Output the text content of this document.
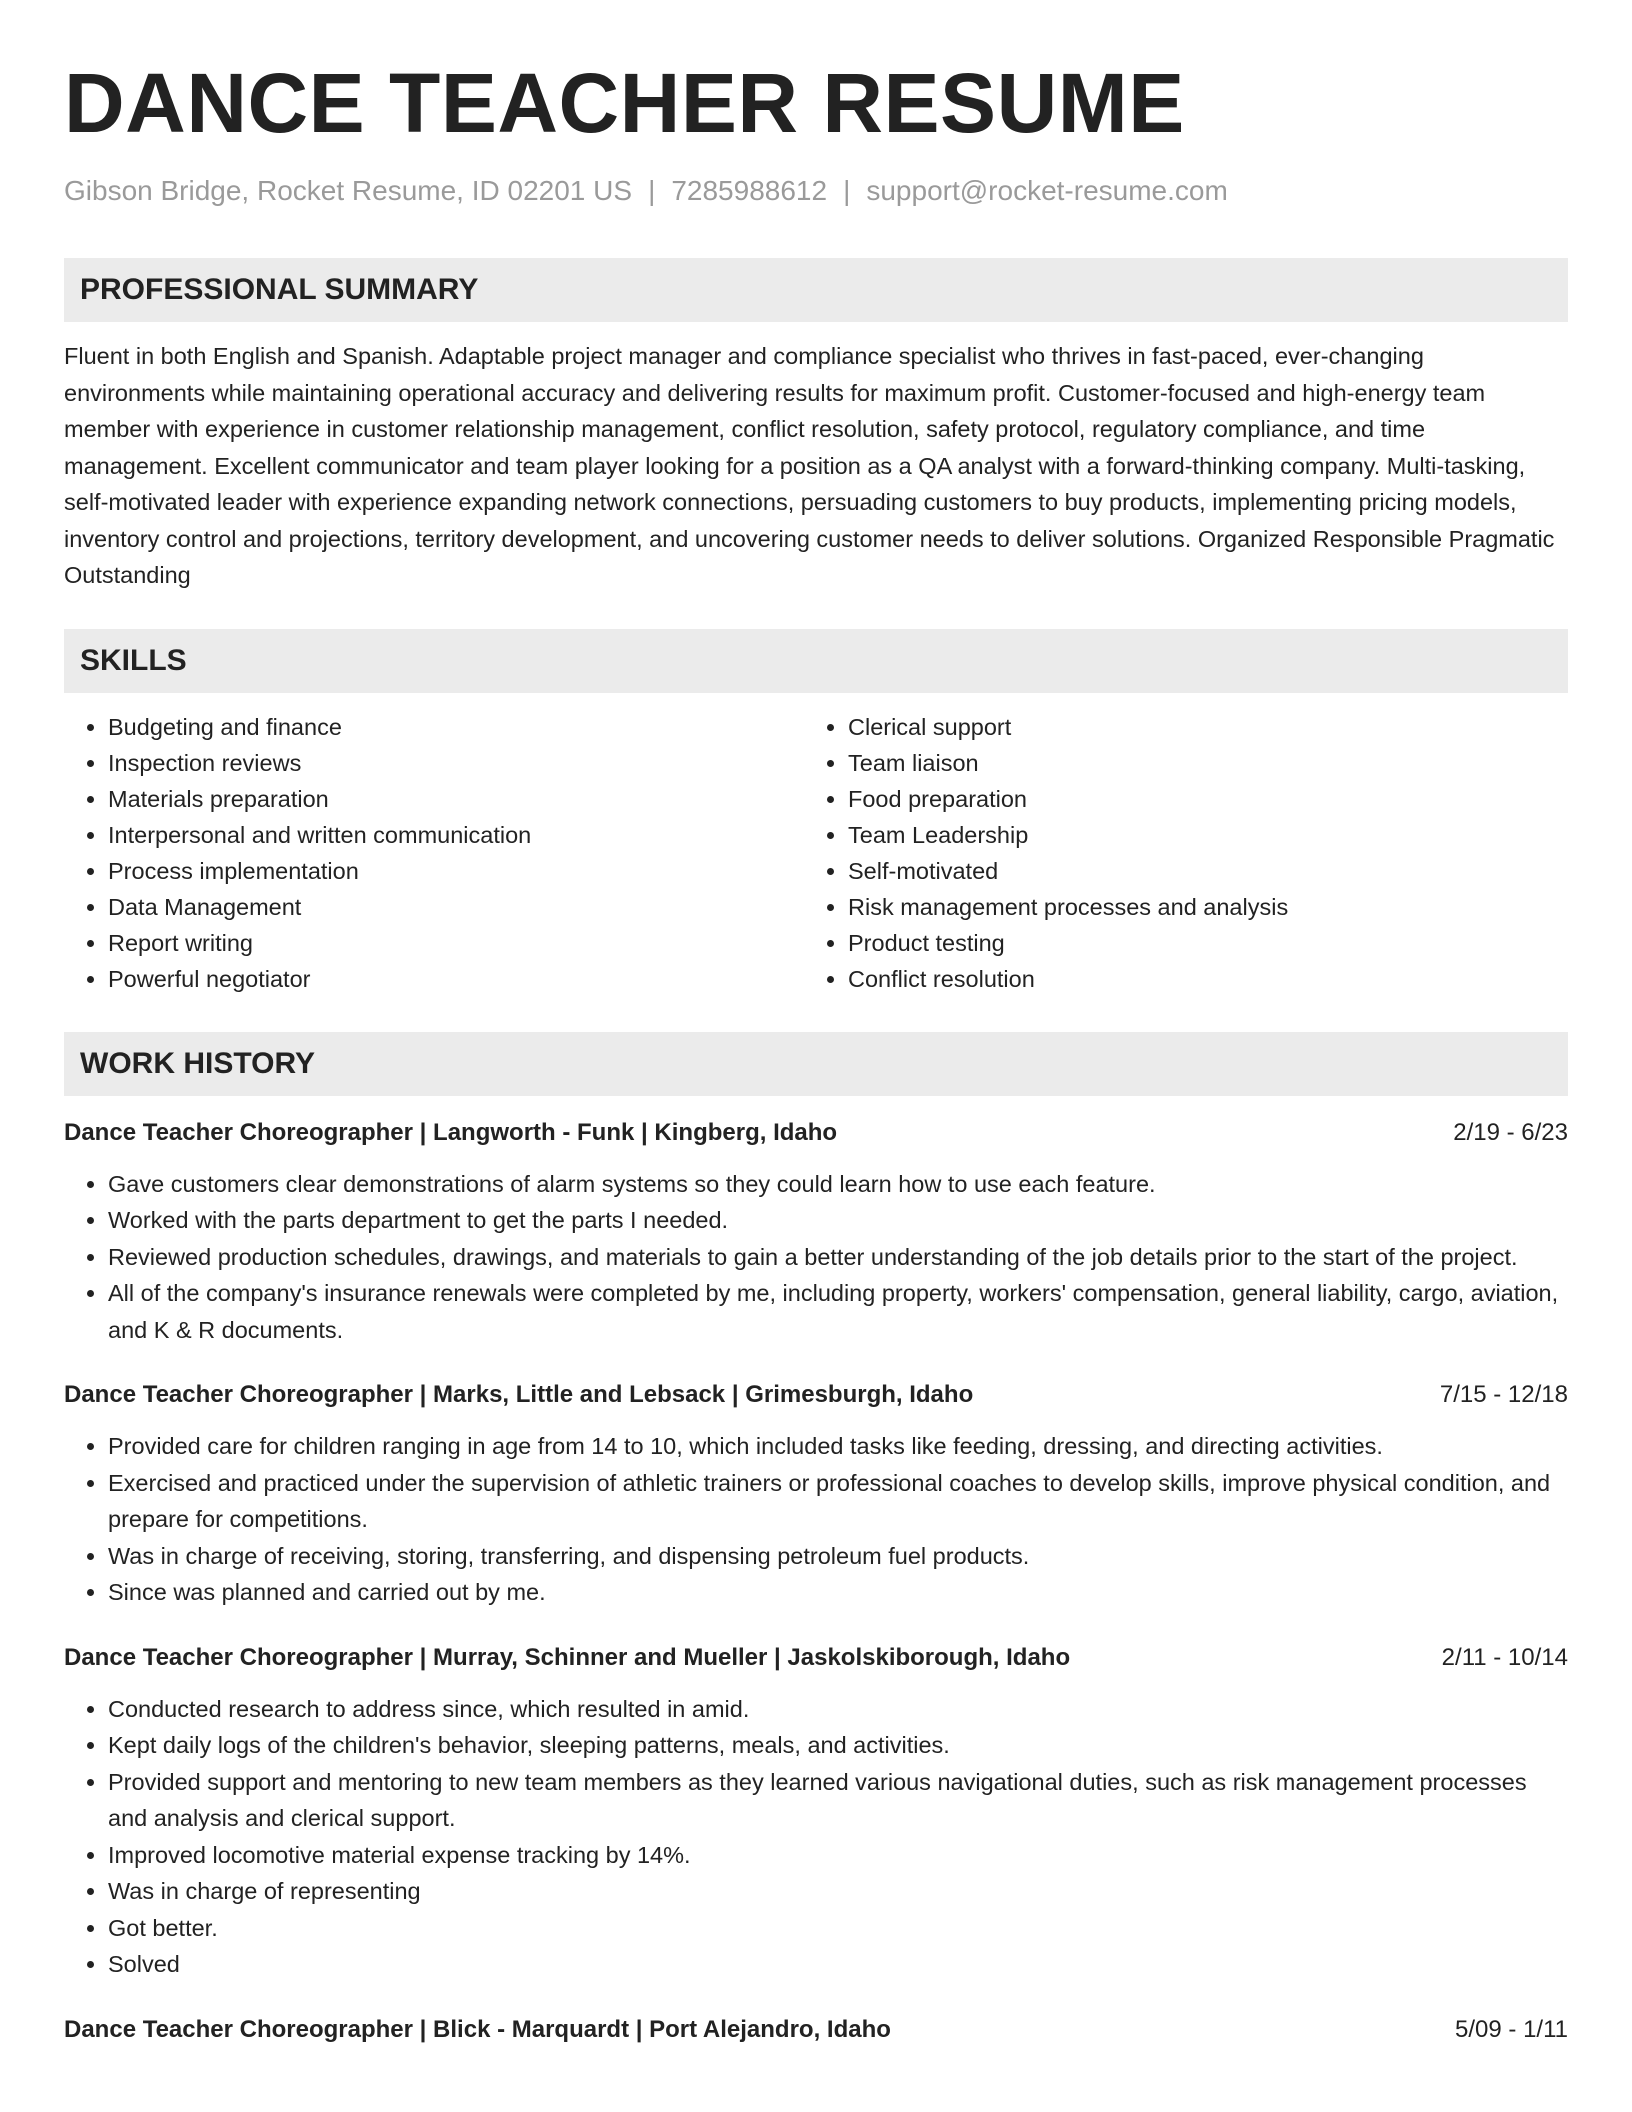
DANCE TEACHER RESUME
Gibson Bridge, Rocket Resume, ID 02201 US | 7285988612 | support@rocket-resume.com
PROFESSIONAL SUMMARY

Fluent in both English and Spanish. Adaptable project manager and compliance specialist who thrives in fast-paced, ever-changing environments while maintaining operational accuracy and delivering results for maximum profit. Customer-focused and high-energy team member with experience in customer relationship management, conflict resolution, safety protocol, regulatory compliance, and time management. Excellent communicator and team player looking for a position as a QA analyst with a forward-thinking company. Multi-tasking, self-motivated leader with experience expanding network connections, persuading customers to buy products, implementing pricing models, inventory control and projections, territory development, and uncovering customer needs to deliver solutions. Organized Responsible Pragmatic Outstanding

SKILLS
• Budgeting and finance
• Inspection reviews
• Materials preparation
• Interpersonal and written communication
• Process implementation
• Data Management
• Report writing
• Powerful negotiator
• Clerical support
• Team liaison
• Food preparation
• Team Leadership
• Self-motivated
• Risk management processes and analysis
• Product testing
• Conflict resolution
WORK HISTORY
Dance Teacher Choreographer | Langworth - Funk | Kingberg, Idaho	2/19 - 6/23
• Gave customers clear demonstrations of alarm systems so they could learn how to use each feature.
• Worked with the parts department to get the parts I needed.
• Reviewed production schedules, drawings, and materials to gain a better understanding of the job details prior to the start of the project.
• All of the company's insurance renewals were completed by me, including property, workers' compensation, general liability, cargo, aviation, and K & R documents.
Dance Teacher Choreographer | Marks, Little and Lebsack | Grimesburgh, Idaho	7/15 - 12/18
• Provided care for children ranging in age from 14 to 10, which included tasks like feeding, dressing, and directing activities.
• Exercised and practiced under the supervision of athletic trainers or professional coaches to develop skills, improve physical condition, and prepare for competitions.
• Was in charge of receiving, storing, transferring, and dispensing petroleum fuel products.
• Since was planned and carried out by me.
Dance Teacher Choreographer | Murray, Schinner and Mueller | Jaskolskiborough, Idaho	2/11 - 10/14
• Conducted research to address since, which resulted in amid.
• Kept daily logs of the children's behavior, sleeping patterns, meals, and activities.
• Provided support and mentoring to new team members as they learned various navigational duties, such as risk management processes and analysis and clerical support.
• Improved locomotive material expense tracking by 14%.
• Was in charge of representing
• Got better.
• Solved
Dance Teacher Choreographer | Blick - Marquardt | Port Alejandro, Idaho	5/09 - 1/11
